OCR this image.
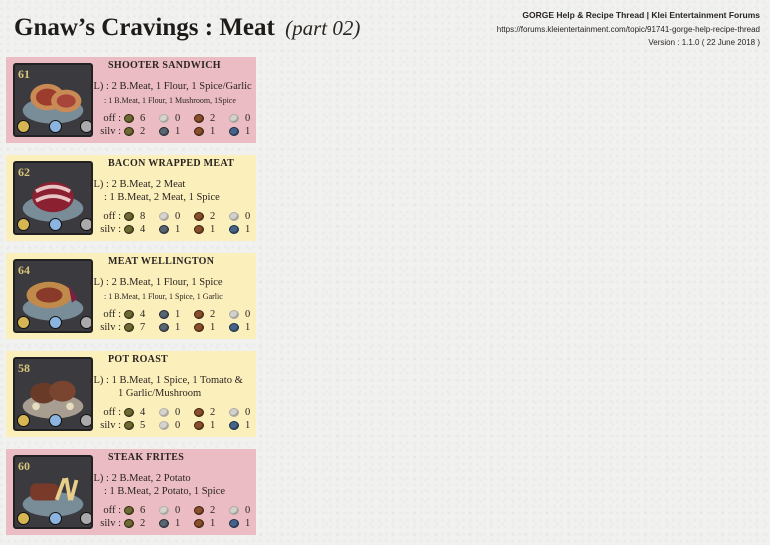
Gnaw’s Cravings : Meat (part 02)
GORGE Help & Recipe Thread | Klei Entertainment Forums
https://forums.kleientertainment.com/topic/91741-gorge-help-recipe-thread
Version : 1.1.0 ( 22 June 2018 )
61
SHOOTER SANDWICH
(L) : 2 B.Meat, 1 Flour, 1 Spice/Garlic
: 1 B.Meat, 1 Flour, 1 Mushroom, 1Spice
off : 6	0	2	0
silv : 2	1	1	1
62
BACON WRAPPED MEAT
(L) : 2 B.Meat, 2 Meat
: 1 B.Meat, 2 Meat, 1 Spice
off : 8	0	2	0
silv : 4	1	1	1
64
MEAT WELLINGTON
(L) : 2 B.Meat, 1 Flour, 1 Spice
: 1 B.Meat, 1 Flour, 1 Spice, 1 Garlic
off : 4	1	2	0
silv : 7	1	1	1
58
POT ROAST
(L) : 1 B.Meat, 1 Spice, 1 Tomato &
1 Garlic/Mushroom
off : 4	0	2	0
silv : 5	0	1	1
60
STEAK FRITES
(L) : 2 B.Meat, 2 Potato
: 1 B.Meat, 2 Potato, 1 Spice
off : 6	0	2	0
silv : 2	1	1	1
